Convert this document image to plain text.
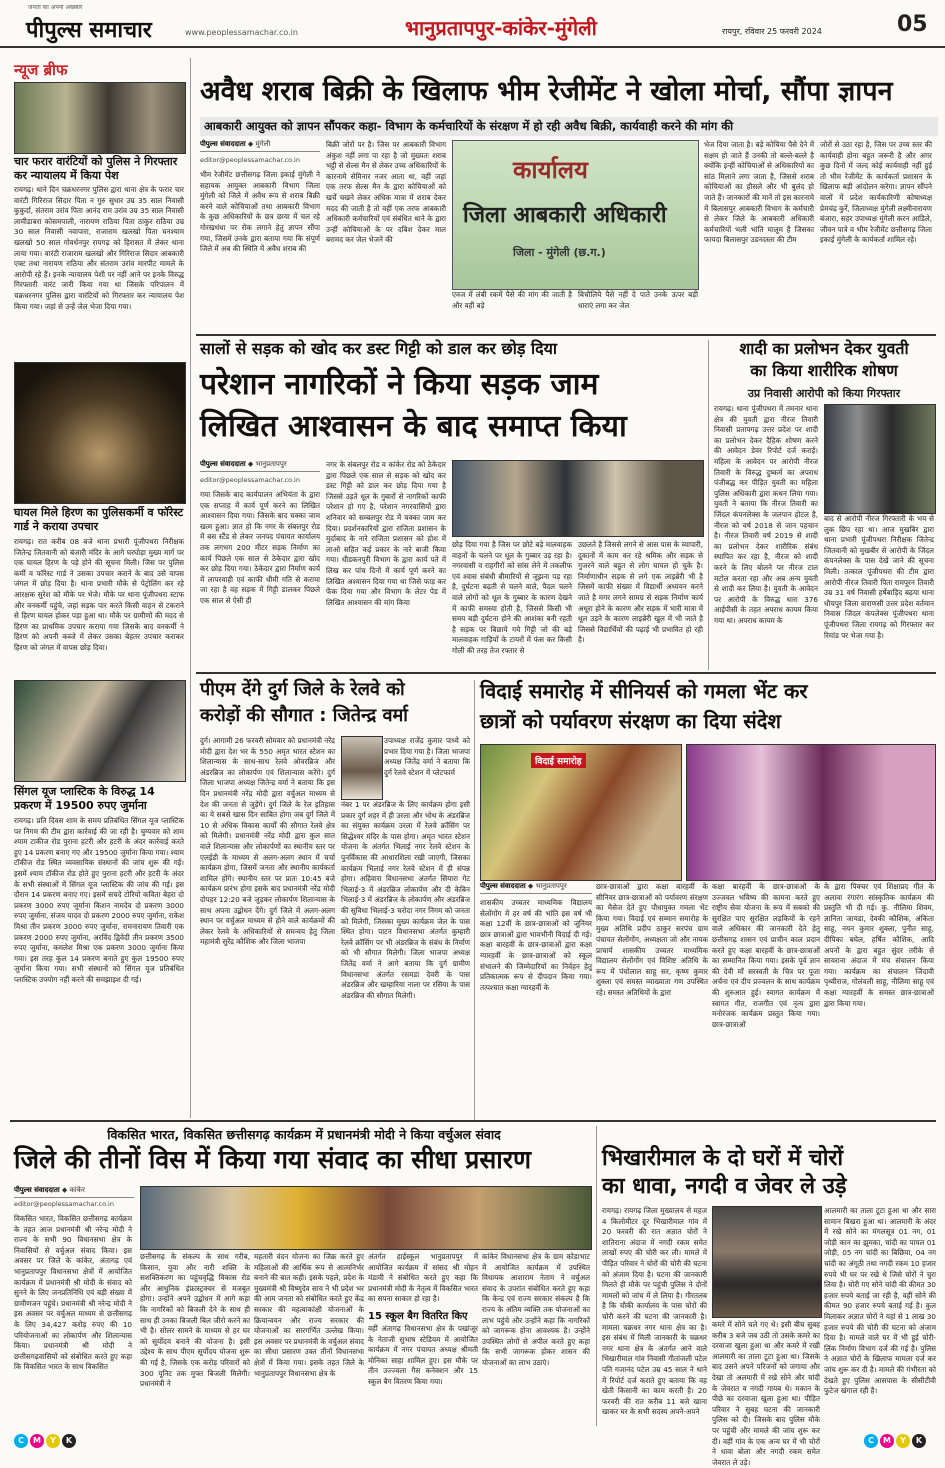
जनता का अपना अखबार
पीपुल्स समाचार	www.peoplessamachar.co.in	भानुप्रतापपुर-कांकेर-मुंगेली	रायपुर, रविवार 25 फरवरी 2024	05
न्यूज ब्रीफ
चार फरार वारंटियों को पुलिस ने गिरफ्तार कर न्यायालय में किया पेश
रायगढ़। थाने दिन चक्रधरनगर पुलिस द्वारा थाना क्षेत्र के फरार चार वारंटी गिरिराज सिदार पिता न गुरु सुधार उम्र 35 साल निवासी कुकुर्दा, संतराम उरांव पिता आनंद राम उरांव उम्र 35 साल निवासी लामीडाबरा कोसमपाली, नारायण राठिया पिता ठाकुर राठिया उम्र 30 साल निवासी नवापारा, राजाराम खलखो पिता घनश्याम खलखो 50 साल गोवर्धनपुर रायगढ़ को हिरासत में लेकर थाना लाया गया। वारंटी राजाराम खलखो और गिरिराज सिदार आबकारी एक्ट तथा नारायण राठिया और संतराम उरांव मारपीट मामले के आरोपी रहे हैं। इनके न्यायालय पेशी पर नहीं आने पर इनके विरुद्ध गिरफ्तारी वारंट जारी किया गया था जिसके परिपालन में चक्रधरनगर पुलिस द्वारा वारंटियों को गिरफ्तार कर न्यायालय पेश किया गया। जहां से उन्हें जेल भेजा दिया गया।
घायल मिले हिरण का पुलिसकर्मी व फॉरेस्ट गार्ड ने कराया उपचार
रायगढ़। रात करीब 08 बजे थाना प्रभारी पूंजीपथरा निरीक्षक जितेन्द्र जितवानी को बंजारी मंदिर के आगे घरघोड़ा मुख्य मार्ग पर एक घायल हिरण के पड़े होने की सूचना मिली। जिस पर पुलिस कर्मी व फॉरेस्ट गार्ड ने उसका उपचार कराने के बाद उसे वापस जंगल में छोड़ दिया है। थाना प्रभारी मौके से पेट्रोलिंग कर रहे आरक्षक सुरेश को मौके पर भेजे। मौके पर थाना पूंजीपथरा स्टाफ और वनकर्मी पहुंचे, जहां सड़क पार करते किसी वाहन से टकराने से हिरण घायल होकर पड़ा हुआ था। मौके पर ग्रामीणों की मदद से हिरण का प्राथमिक उपचार कराया गया जिसके बाद वनकर्मी ने हिरण को अपनी कब्जे में लेकर उसका बेहतर उपचार कराकर हिरण को जंगल में वापस छोड़ दिया।
सिंगल यूज प्लास्टिक के विरुद्ध 14 प्रकरण में 19500 रुपए जुर्माना
रायगढ़। प्रति दिवस शाम के समय प्रतिबंधित सिंगल यूज प्लास्टिक पर निगम की टीम द्वारा कार्रवाई की जा रही है। चुग्यवार को शाम श्याम टाकीज रोड पुराना हटरी और हटरी के अंदर कार्रवाई करते हुए 14 प्रकरण बनाए गए और 19500 जुर्माना किया गया। श्याम टॉकीज रोड स्थित व्यवसायिक संस्थानों की जांच शुरू की गई। इसमें श्याम टॉकीज रोड होते हुए पुराना हटरी और हटरी के अंदर के सभी संस्थाओं में सिंगल यूज प्लास्टिक की जांच की गई। इस दौरान 14 प्रकरण बनाए गए। इसमें सचदे टोरियो कविता बेहरा दो प्रकरण 3000 रुपए जुर्माना किशन नामदेव दो प्रकरण 3000 रुपए जुर्माना, संजय यादव दो प्रकरण 2000 रुपए जुर्माना, राकेश मिश्रा तीन प्रकरण 3000 रुपए जुर्माना, रामनारायण तिवारी एक प्रकरण 2000 रुपए जुर्माना, अरविंद द्विवेदी तीन प्रकरण 3500 रुपए जुर्माना, कमलेश मिश्रा एक प्रकरण 3000 जुर्माना किया गया। इस तरह कुल 14 प्रकरण बनाते हुए कुल 19500 रुपए जुर्माना किया गया। सभी संस्थानों को सिंगल यूज प्रतिबंधित प्लास्टिक उपयोग नहीं करने की समझाइश दी गई।
अवैध शराब बिक्री के खिलाफ भीम रेजीमेंट ने खोला मोर्चा, सौंपा ज्ञापन
आबकारी आयुक्त को ज्ञापन सौंपकर कहा- विभाग के कर्मचारियों के संरक्षण में हो रही अवैध बिक्री, कार्यवाही करने की मांग की
पीपुल्स संवाददाता ◆ मुंगेली
editor@peoplessamachar.co.in
भीम रेजीमेंट छत्तीसगढ़ जिला इकाई मुंगेली ने सहायक आयुक्त आबकारी विभाग जिला मुंगेली को जिले में अवैध रूप से शराब बिक्री करने वाले कोचियाओं तथा आबकारी विभाग के कुछ अधिकारियों के छत्र छाया में चल रहे गोरखधंधा पर रोक लगाने हेतु ज्ञापन सौंपा गया, जिसमें उनके द्वारा बताया गया कि संपूर्ण जिले में अब की स्थिति में अवैध शराब की
बिक्री जोरों पर है। जिस पर आबकारी विभाग अंकुश नहीं लगा पा रहा है जो मुख्यतः शराब भट्ठी से सेल्स मैन से लेकर उच्च अधिकारियों के कारनामे सेमिनार नजर आता था, वहीं जहां एक तरफ सेल्स मैन के द्वारा कोचियाओं को खर्चे चखने लेकर अधिक मात्रा में शराब देकर मदद की जाती है तो वहीं एक तरफ आबकारी अधिकारी कर्मचारियों एवं संबंधित थाने के द्वारा उन्हीं कोचियाओं के पर दबिश देकर माल बरामद कर जेल भेजने की
कार्यालय
जिला आबकारी अधिकारी
जिला - मुंगेली (छ.ग.)
एवज में लंबी रकमें पैसे की मांग की जाती है और वहीं बड़े
बिचौलिये पैसे नहीं दे पाते उनके ऊपर बड़ी धाराएं लगा कर जेल
भेज दिया जाता है। बड़े कोचिया पैसे देने में सक्षम हो जाते हैं उनकी तो बल्ले-बल्ले है क्योंकि इन्हीं कोचियाओं से अधिकारियों का सांठ मिलाने लगा जाता है, जिससे शराब कोचियाओं का हौसले और भी बुलंद हो जाते हैं। जानकारों की मानें तो इस कारनामे में बिलासपुर आबकारी विभाग के कर्मचारी से लेकर जिले के आबकारी अधिकारी कर्मचारियों भली भांति मालूम है जिसका फायदा बिलासपुर उडनदस्ता की टीम
जोरों से उठा रहा है, जिस पर उच्च स्तर की कार्यवाही होना बहुत जरूरी है और अगर कुछ दिनों में जल्द कोई कार्यवाही नहीं हुई तो भीम रेजीमेंट के कार्यकर्ता प्रशासन के खिलाफ बड़ी आंदोलन करेगा। ज्ञापन सौंपने वालों में प्रदेश कार्यकारिणी कोषाध्यक्ष प्रेमचंद्र कुर्रे, जिलाध्यक्ष मुंगेली लक्ष्मीनारायण बंजारा, सहर उपाध्यक्ष मुंगेली करन आडिले, जीवन पात्रे व भीम रेजीमेंट छत्तीसगढ़ जिला इकाई मुंगेली के कार्यकर्ता शामिल रहे।
सालों से सड़क को खोद कर डस्ट गिट्टी को डाल कर छोड़ दिया
परेशान नागरिकों ने किया सड़क जाम
लिखित आश्वासन के बाद समाप्त किया
पीपुल्स संवाददाता ◆ भानुप्रतापपुर
editor@peoplessamachar.co.in
नगर के संबलपुर रोड व कांकेर रोड को ठेकेदार द्वारा पिछले एक साल से सड़क को खोद कर डस्ट गिट्टी को डाल कर छोड़ दिया गया है जिससे उड़ते धूल के गुबारों से नागरिकों काफी परेशान हो गए है, परेशान नगरवासियों द्वारा शनिवार को सम्बलपुर रोड में चक्का जाम कर दिया। प्रदर्शनकारियों द्वारा राजिता प्रशासन के मुर्दाबाद के नारे राजिता प्रशासन को होश में लाओ सहित कई प्रकार के नारे बाजी किया गया। धीडकनपुरी विभाग के द्वारा कार्य पते में लिख कर पांच दिनों में कार्य पूर्ण करने का लिखित अश्वासन दिया गया था जिसे फाड़ कर फेंक दिया गया और विभाग के लेटर पेड में लिखित आश्वासन की मांग किया
गया जिसके बाद कार्यपालन अभियंता के द्वारा एक सप्ताह में कार्य पूर्ण करने का लिखित आश्वासन दिया गया। जिसके बाद चक्का जाम खत्म हुआ। ज्ञात हो कि नगर के संबलपुर रोड में बस स्टैंड से लेकर जनपद पंचायत कार्यालय तक लगभग 200 मीटर सड़क निर्माण का कार्य पिछले एक साल से ठेकेदार द्वारा खोद कर छोड़ दिया गया। ठेकेदार द्वारा निर्माण कार्य में लापरवाही एवं काफी धीमी गति से कराया जा रहा है वह सड़क में गिट्टी डालकर पिछले एक साल से ऐसी ही
छोड़ दिया गया है जिस पर छोटे बड़े मालवाहक वाहनों के चलने पर धूल के गुब्बार उड़ रहा है। नगरवासी व राहगीरों को सांस लेने में तकलीफ एवं श्वास संबंधी बीमारियों से जूझना पड़ रहा है, दुर्घटना बढ़ती से चलने वाले, पैदल चलने वाले लोगों को धूल के गुब्बार के कारण देखने में काफी समस्या होती है, जिससे किसी भी समय बड़ी दुर्घटना होने की आशंका बनी रहती है सड़क पर बिछाये गये गिट्टी जो की बड़े मालवाहक गाड़ियों के टायरों में फंस कर किसी गोली की तरह तेज रफ्तार से
उछलते है जिससे लगने से आस पास के व्यापारी, दुकानों में काम कर रहे श्रमिक और सड़क से गुजरने वाले बहुत से लोग घायल हो चुके है। निर्माणाधीन सड़क से लगे एक लाइब्रेरी भी है जिसमें काफी संख्या में विद्यार्थी अध्ययन करने जाते है मगर लगने सामग्र से सड़क निर्माण कार्य अधूरा होने के कारण और सड़क में भारी मात्रा में धूल उड़ने के कारण लाइब्रेरी खुल में भी जाते है जिससे विद्यार्थियों की पढ़ाई भी प्रभावित हो रही है।
शादी का प्रलोभन देकर युवती
का किया शारीरिक शोषण
उप्र निवासी आरोपी को किया गिरफ्तार
रायगढ़। थाना पूंजीपथरा में तमनार थाना क्षेत्र की युवती द्वारा नीरज तिवारी निवासी प्रतापगढ़ उत्तर प्रदेश पर शादी का प्रलोभन देकर दैहिक शोषण करने की आवेदन डेवर रिपोर्ट दर्ज कराई। महिला के आवेदन पर आरोपी नीरज तिवारी के विरुद्ध दुष्कर्म का अपराध पंजीबद्ध कर पीड़ित युवती का महिला पुलिस अधिकारी द्वारा कथन लिया गया। युवती ने बताया कि नीरज तिवारी का जिंदल कंपनलेक्स के जलपान होटल है, नीरज को वर्ष 2018 से जान पहचान है। नीरज तिवारी वर्ष 2019 से शादी का प्रलोभन देकर शारीरिक संबंध स्थापित कर रहा है, नीरज को शादी करने के लिए बोलने पर नीरज टाल मटोल करता रहा और अब अन्य युवती से शादी कर लिया है। युवती के आवेदन पर आरोपी के विरुद्ध धारा 376 आईपीसी के तहत अपराध कायम किया गया था। अपराध कायम के
बाद से आरोपी नीरज गिरफ्तारी के भय से लुक छिप रहा था। आज मुखबिर द्वारा थाना प्रभारी पूंजीपथरा निरीक्षक जितेन्द्र जितवानी को मुखबीर से आरोपी के जिंदल कंपनलेक्स के पास देखे जाने की सूचना मिली। तत्काल पूंजीपथरा की टीम द्वारा आरोपी नीरज तिवारी पिता रामपूरन तिवारी उम्र 31 वर्ष निवासी हर्षेबाड़िद बढ़या थाना धौचपुर जिला वाराणसी उत्तर प्रदेश वर्तमान निवास जिंदल कंपलेक्स पूंजीपथरा थाना पूंजीपथरा जिला रायगढ़ को गिरफ्तार कर रिमांड पर भेजा गया है।
पीएम देंगे दुर्ग जिले के रेलवे को
करोड़ों की सौगात : जितेन्द्र वर्मा
दुर्ग। आगामी 26 फरवरी सोमवार को प्रधानमंत्री नरेंद्र मोदी द्वारा देश भर के 550 अमृत भारत स्टेशन का शिलान्यास के साथ-साथ रेलवे ओवरब्रिज और अंडरब्रिज का लोकार्पण एवं शिलान्यास करेंगे। दुर्ग जिला भाजपा अध्यक्ष जितेन्द्र वर्मा ने बताया कि इस दिन प्रधानमंत्री नरेंद्र मोदी द्वारा वर्चुअल माध्यम से देश की जनता से जुड़ेंगे। दुर्ग जिले के रेल इतिहास का ये सबसे खास दिन साबित होगा जब दुर्ग जिले में 10 से अधिक विकास कार्यों की सौगात रेलवे क्षेत्र को मिलेगी। प्रधानमंत्री नरेंद्र मोदी द्वारा कुल सात वाले शिलान्यास और लोकार्पणों का स्थानीय स्तर पर एलईडी के माध्यम से अलग-अलग स्थान में चर्चा कार्यक्रम होगा, जिसमें जनता और स्थानीय कार्यकर्ता शामिल होंगे। स्थानीय स्तर पर प्रातः 10:45 बजे कार्यक्रम प्रारंभ होगा इसके बाद प्रधानमंत्री नरेंद्र मोदी दोपहर 12:20 बजे जुड़कर लोकार्पण शिलान्यास के साथ अपना उद्बोधन देंगे। दुर्ग जिले में अलग-अलग स्थान पर वर्चुअल माध्यम से होने वाले कार्यक्रमों की लेकर रेलवे के अधिकारियों से समन्वय हेतु जिला महामंत्री सुरेंद्र कौशिक और जिला भाजपा
उपाध्यक्ष राजेंद्र कुमार पाध्ये को प्रभार दिया गया है। जिला भाजपा अध्यक्ष जितेंद्र वर्मा ने बताया कि दुर्ग रेलवे स्टेशन में प्लेटफार्म
नंबर 1 पर अंडरब्रिज के लिए कार्यक्रम होगा इसी प्रकार दुर्ग शहर में ही उरला और भोथ के अंडरब्रिज का संयुक्त कार्यक्रम उरला में रेलवे क्रॉसिंग पर सिद्धेश्वर मंदिर के पास होगा। अमृत भारत स्टेशन योजना के अंतर्गत भिलाई नगर रेलवे स्टेशन के पुनर्विकास की आधारशिला रखी जाएगी, जिसका कार्यक्रम भिलाई नगर रेलवे स्टेशन में ही संपन्न होगा। अहिवारा विधानसभा अंतर्गत सियारा गेट भिलाई-3 में अंडरब्रिज लोकार्पण और दी केबिन भिलाई-3 में अंडरब्रिज के लोकार्पण और अंडरब्रिज की सुविधा भिलाई-3 चरोदा नगर निगम को जनता को मिलेगी, जिसका मुख्य कार्यक्रम जेल के पास स्थित होगा। पाटन विधानसभा अंतर्गत कुम्हारी रेलवे क्रॉसिंग पर भी अंडरब्रिज के संबंध के निर्माण को भी सौगात मिलेगी। जिला भाजपा अध्यक्ष जितेंद्र वर्मा ने आगे बताया कि दुर्ग ग्रामीण विधानसभा अंतर्गत रसमडा देवरी के पास अंडरब्रिज और खम्हारिया नाला पर रसिया के पास अंडरब्रिज की सौगात मिलेगी।
विदाई समारोह में सीनियर्स को गमला भेंट कर
छात्रों को पर्यावरण संरक्षण का दिया संदेश
विदाई समारोह
पीपुल्स संवाददाता ◆ भानुप्रतापपुर
शासकीय उच्चतर माध्यमिक विद्यालय सेलोंगोंग में हर वर्ष की भांति इस वर्ष भी कक्षा 12वीं के छात्र-छात्राओं को जूनियर छात्र छात्राओं द्वारा भावभीनी विदाई दी गई। कक्षा बारहवीं के छात्र-छात्राओं द्वारा कक्षा ग्यारहवीं के छात्र-छात्राओं को स्कूल संभालने की जिम्मेदारियों का निर्वहन हेतु प्रतिकात्मक रूप से दीपदान किया गया। तत्पश्चात कक्षा ग्यारहवीं के
छात्र-छात्राओं द्वारा कक्षा बारहवीं के सीनियर छात्र-छात्राओं को पर्यावरण संरक्षण का मैसेज देते हुए पौधायुक्त गमला भेंट किया गया। विदाई एवं सम्मान समारोह के मुख्य अतिथि प्रदीप ठाकुर सरपंच ग्राम पंचायत सेलोंगोंग, अध्यक्षता जो और नायक प्राचार्य शासकीय उच्चतर माध्यमिक विद्यालय सेलोंगोंग एवं विशिष्ट अतिथि के रूप में पंचोलाल साहू सर, कृष्ण कुमार शुक्ला एवं समस्त व्याख्याता गण उपस्थित रहे। समस्त अतिथियों के द्वारा
कक्षा बारहवीं के छात्र-छात्राओं के उज्जवल भविष्य की कामना करते हुए राष्ट्रीय सेवा योजना के रूप में सबको की सुरक्षित पाए सुरक्षित लड़कियों के रहने वाले अधिकार की जानकारी देते हेतु छत्तीसगढ़ शासन एवं प्राचीन काल प्रदान करते हुए कक्षा बारहवीं के छात्र-छात्राओं का सम्मानित किया गया। इसके पूर्व ज्ञान की देवी माँ सरस्वती के चित्र पर पूजा अर्चना एवं दीप प्रज्वलन के साथ कार्यक्रम की शुरुआत हुई। स्वागत कार्यक्रम में स्वागत गीत, राजगीत एवं नृत्य द्वारा मनोरंजक कार्यक्रम प्रस्तुत किया गया। छात्र-छात्राओं
के द्वारा पिक्चर एवं शिक्षाप्रद गीत के अलावा रंगारंग सांस्कृतिक कार्यक्रम की प्रस्तुति भी दी गई। कु. नीलिमा शिवम, ज्ञानिता जायडा, देवकी कौशिक, अंकिता साहू, नयन कुमार शुक्ला, पुनीत साहू, दीपिका बघेल, हर्षित कौशिक, आदि अपनों के द्वारा बहुत सुंदर तरीके से सायराना अंदाज में मंच संचालन किया गया। कार्यक्रम का संचालन जिंदावी पृथ्वीराज, गोलंवली साहू, नीलिमा साहू एवं कक्षा ग्यारहवीं के समस्त छात्र-छात्राओं द्वारा किया गया।
विकसित भारत, विकसित छत्तीसगढ़ कार्यक्रम में प्रधानमंत्री मोदी ने किया वर्चुअल संवाद
जिले की तीनों विस में किया गया संवाद का सीधा प्रसारण
पीपुल्स संवाददाता ◆ कांकेर
editor@peoplessamachar.co.in
विकसित भारत, विकसित छत्तीसगढ़ कार्यक्रम के तहत आज प्रधानमंत्री श्री नरेन्द्र मोदी ने राज्य के सभी 90 विधानसभा क्षेत्र के निवासियों से वर्चुअल संवाद किया। इस अवसर पर जिले के कांकेर, अंतागढ़ एवं भानुप्रतापपुर विधानसभा क्षेत्रों में आयोजित कार्यक्रम में प्रधानमंत्री श्री मोदी के संवाद को सुनने के लिए जनप्रतिनिधि एवं बड़ी संख्या में ग्रामीणजन पहुंचे। प्रधानमंत्री श्री नरेन्द्र मोदी ने इस अवसर पर वर्चुअल माध्यम से छत्तीसगढ़ के लिए 34,427 करोड़ रुपए की 10 परियोजनाओं का लोकार्पण और शिलान्यास किया। प्रधानमंत्री श्री मोदी ने छत्तीसगढ़वासियों को संबोधित करते हुए कहा कि विकसित भारत के साथ विकसित
छत्तीसगढ़ के संकल्प के साथ गरीब, किसान, युवा और नारी शक्ति के सशक्तिकरण का पहुंचवृद्धि विकास रोड और आधुनिक इंफ्रास्ट्रक्चर से मजबूत होगा। उन्होंने अपने उद्बोधन में आगे कहा कि नागरिकों को बिजली देने के साथ ही साथ ही उनका बिजली बिल जीरो करने का भी है। सोलर सामने के माध्यम से हर घर को सूर्योदय बनाने की योजना है। इसी उद्देश्य के साथ पीएम सूर्योदय योजना शुरू की गई है, जिसके एक करोड़ परिवारों को 300 यूनिट तक मुफ्त बिजली मिलेगी। प्रधानमंत्री ने
महतारी वंदन योजना का जिक्र करते हुए महिलाओं की आर्थिक रूप से आत्मनिर्भर बनाने की बात कही। इसके पहले, प्रदेश के मुख्यमंत्री श्री विष्णुदेव साय ने भी प्रदेश भर की आम जनता को संबोधित करते हुए केंद्र सरकार की महत्वाकांक्षी योजनाओं के क्रियान्वयन और राज्य सरकार की योजनाओं का सारगर्भित उल्लेख किया। इस अवसर पर प्रधानमंत्री के वर्चुअल संवाद का सीधा प्रसारण उक्त तीनों विधानसभा क्षेत्रों में किया गया। इसके तहत जिले के भानुप्रतापपुर विधानसभा क्षेत्र के
अंतर्गत हाईस्कूल भानुप्रतापपुर में आयोजित कार्यक्रम में सांसद श्री मोहन मंडावी ने संबोधित करते हुए कहा कि प्रधानमंत्री मोदी के नेतृत्व में विकसित भारत का सपना साकार हो रहा है।
15 स्कूल बैग वितरित किए
वहीं अंतागढ़ विधानसभा क्षेत्र के पखांजूर के नेताजी सुभाष स्टेडियम में आयोजित कार्यक्रम में नगर पंचायत अध्यक्ष श्रीमती मोनिका साहा शामिल हुए। इस मौके पर तीन उज्ज्वला गैस कनेक्शन और 15 स्कूल बैग वितरण किया गया।
कांकेर विधानसभा क्षेत्र के ग्राम कोडाभाट में आयोजित कार्यक्रम में उपस्थित विधायक आशाराम नेताम ने वर्चुअल संवाद के उपरांत संबोधित करते हुए कहा कि केन्द्र एवं राज्य सरकार संकल्प है कि राज्य के अंतिम व्यक्ति तक योजनाओं का लाभ पहुंचे और उन्होंने कहा कि नागरिकों को जागरूक होना आवश्यक है। उन्होंने उपस्थित लोगों से अपील करते हुए कहा कि सभी जागरूक होकर शासन की योजनाओं का लाभ उठाएं।
भिखारीमाल के दो घरों में चोरों
का धावा, नगदी व जेवर ले उड़े
रायगढ़। रायगढ़ जिला मुख्यालय से महज 4 किलोमीटर दूर भिखारीमाल गांव में 20 फरवरी की रात अज्ञात चोरों ने शातिराना अंदाज में नगदी रकम समेत लाखों रुपए की चोरी कर ली। मामले में पीड़ित परिवार ने चोरों की चोरी की घटना को अंजाम दिया है। घटना की जानकारी मिलते ही मौके पर पहुंची पुलिस ने दोनों मामलों को जांच में ले लिया है। गौरतलब है कि चौकी कार्यालय के पास चोरों की चोरी करने की घटना की जानकारी है। मामला चक्रधर नगर थाना क्षेत्र का है। इस संबंध में मिली जानकारी के चक्रधर नगर थाना क्षेत्र के अंतर्गत आने वाले भिखारीमाल गांव निवासी गीतांजली पटेल पति गजानंद पटेल उम्र 45 साल ने थाने में रिपोर्ट दर्ज कराते हुए बताया कि वह खेती किसानी का काम करती है। 20 फरवरी की रात करीब 11 बजे खाना खाकर घर के सभी सदस्य अपने-अपने
कमरे में सोने चले गए थे। इसी बीच सुबह करीब 3 बजे जब उठी तो उसके कमरे का दरवाजा खुला हुआ था और कमरे में रखी आलमारी का ताला टूटा हुआ था। जिसके बाद उसने अपने परिजनों को जगाया और देखा तो अलमारी में रखे सोने और चांदी के जेवरात व नगदी गायब थे। मकान के पीछे का दरवाजा खुला हुआ था। पीड़ित परिवार ने सुबह घटना की जानकारी पुलिस को दी। जिसके बाद पुलिस मौके पर पहुंची और मामले की जांच शुरू कर दी। वहीं गांव के एक अन्य घर में भी चोरों ने धावा बोला और नगदी रकम समेत जेवरात ले उड़े।
आलमारी का ताला टूटा हुआ था और सारा सामान बिखरा हुआ था। आलमारी के अंदर में रखे सोने का मंगलसूत्र 01 नग, 01 जोड़ी कान का झुमका, चांदी का पायल 01 जोड़ी, 05 नग चांदी का बिछिया, 04 नग चांदी का अंगूठी तथा नगदी रकम 10 हजार रुपये भी घर पर रखे थे जिसे चोरों ने चुरा लिया है। चोरी गए सोने चांदी की कीमत 30 हजार रुपये बताई जा रही है, वहीं सोने की कीमत 90 हजार रुपये बताई गई है। कुल मिलाकर अज्ञात चोरों ने यहां से 1 लाख 30 हजार रुपये की चोरी की घटना को अंजाम दिया है। मामले वाले घर में भी हुई चोरी-लिंक निर्माण विभाग दर्ज की गई है। पुलिस ने अज्ञात चोरों के खिलाफ मामला दर्ज कर जांच शुरू कर दी है। मामले की गंभीरता को देखते हुए पुलिस आसपास के सीसीटीवी फुटेज खंगाल रही है।
C M Y K	C M Y K
